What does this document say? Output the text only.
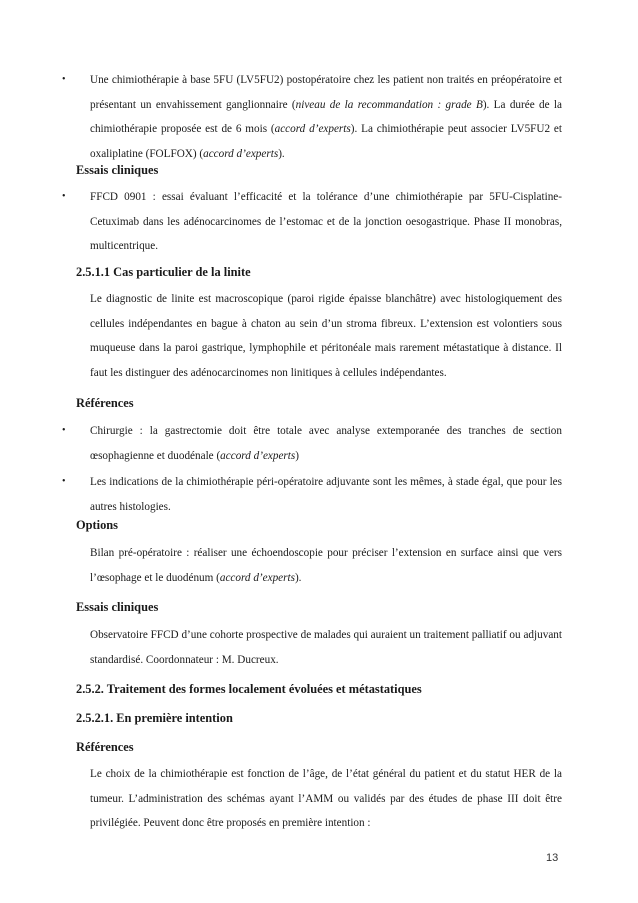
• Une chimiothérapie à base 5FU (LV5FU2) postopératoire chez les patient non traités en préopératoire et présentant un envahissement ganglionnaire (niveau de la recommandation : grade B). La durée de la chimiothérapie proposée est de 6 mois (accord d’experts). La chimiothérapie peut associer LV5FU2 et oxaliplatine (FOLFOX) (accord d’experts).
Essais cliniques
• FFCD 0901 : essai évaluant l’efficacité et la tolérance d’une chimiothérapie par 5FU-Cisplatine- Cetuximab dans les adénocarcinomes de l’estomac et de la jonction oesogastrique. Phase II monobras, multicentrique.
2.5.1.1 Cas particulier de la linite
Le diagnostic de linite est macroscopique (paroi rigide épaisse blanchâtre) avec histologiquement des cellules indépendantes en bague à chaton au sein d’un stroma fibreux. L’extension est volontiers sous muqueuse dans la paroi gastrique, lymphophile et péritonéale mais rarement métastatique à distance. Il faut les distinguer des adénocarcinomes non linitiques à cellules indépendantes.
Références
• Chirurgie : la gastrectomie doit être totale avec analyse extemporanée des tranches de section œsophagienne et duodénale (accord d’experts)
• Les indications de la chimiothérapie péri-opératoire adjuvante sont les mêmes, à stade égal, que pour les autres histologies.
Options
Bilan pré-opératoire : réaliser une échoendoscopie pour préciser l’extension en surface ainsi que vers l’œsophage et le duodénum (accord d’experts).
Essais cliniques
Observatoire FFCD d’une cohorte prospective de malades qui auraient un traitement palliatif ou adjuvant standardisé. Coordonnateur : M. Ducreux.
2.5.2. Traitement des formes localement évoluées et métastatiques
2.5.2.1. En première intention
Références
Le choix de la chimiothérapie est fonction de l’âge, de l’état général du patient et du statut HER de la tumeur. L’administration des schémas ayant l’AMM ou validés par des études de phase III doit être privilégiée. Peuvent donc être proposés en première intention :
13
